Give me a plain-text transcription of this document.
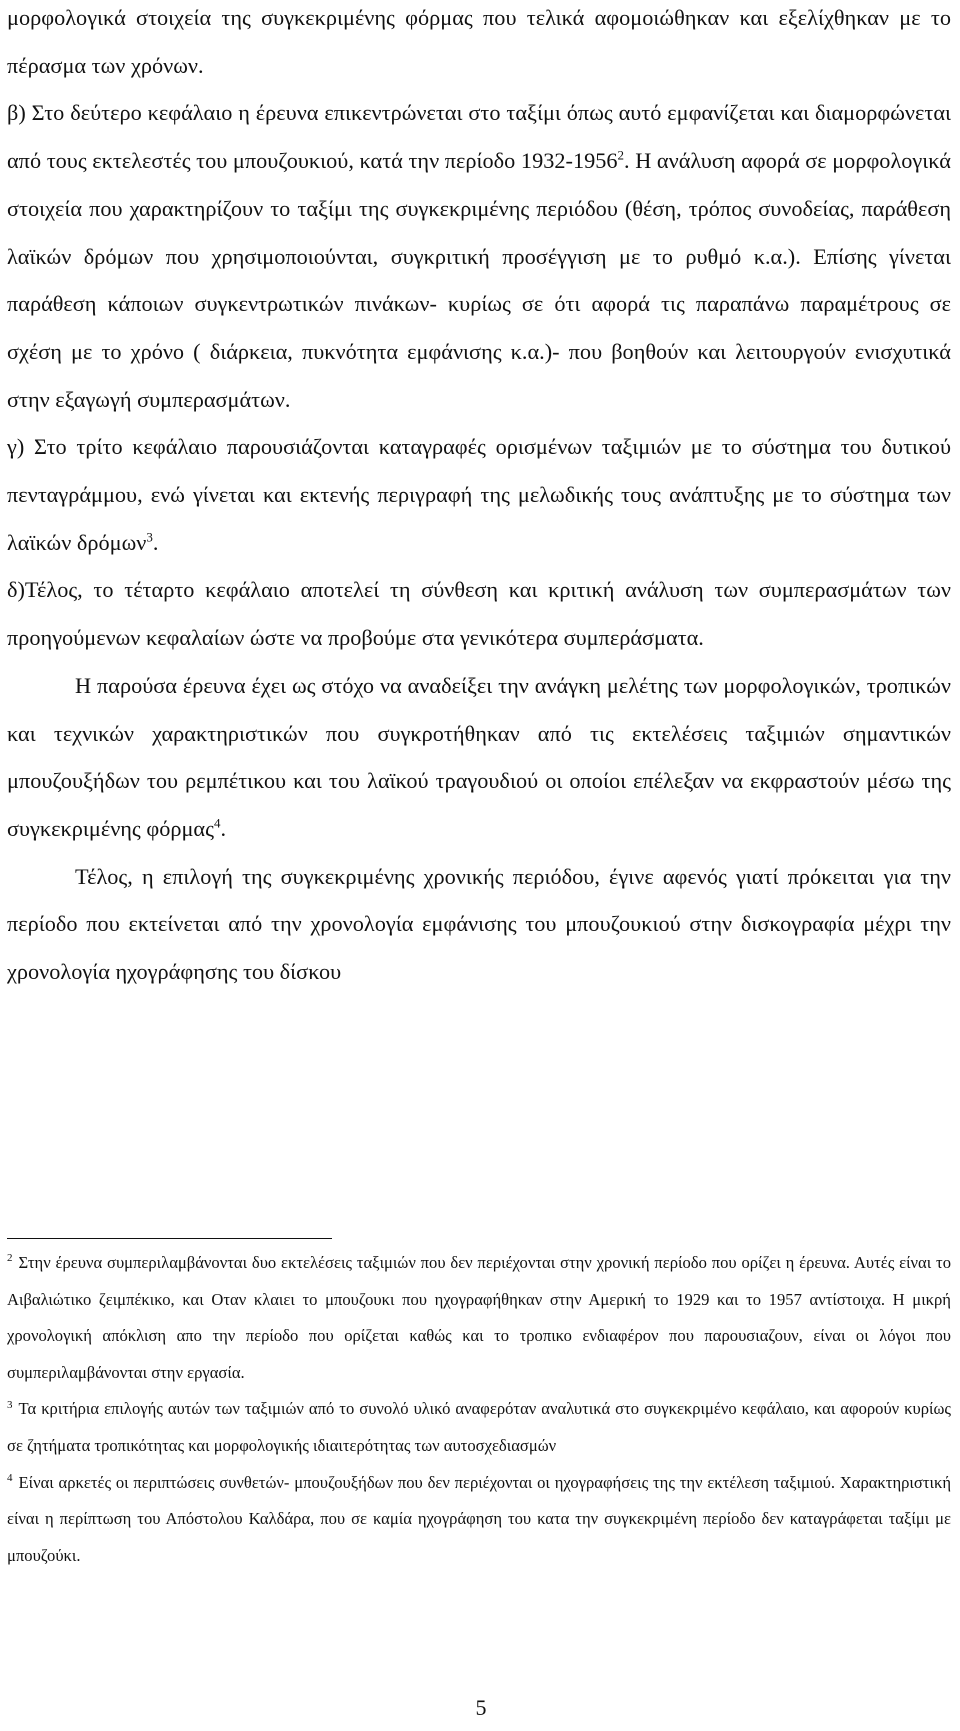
μορφολογικά στοιχεία της συγκεκριμένης φόρμας που τελικά αφομοιώθηκαν και εξελίχθηκαν με το πέρασμα των χρόνων.

β) Στο δεύτερο κεφάλαιο η έρευνα επικεντρώνεται στο ταξίμι όπως αυτό εμφανίζεται και διαμορφώνεται από τους εκτελεστές του μπουζουκιού, κατά την περίοδο 1932-1956$^2$. Η ανάλυση αφορά σε μορφολογικά στοιχεία που χαρακτηρίζουν το ταξίμι της συγκεκριμένης περιόδου (θέση, τρόπος συνοδείας, παράθεση λαϊκών δρόμων που χρησιμοποιούνται, συγκριτική προσέγγιση με το ρυθμό κ.α.). Επίσης γίνεται παράθεση κάποιων συγκεντρωτικών πινάκων- κυρίως σε ότι αφορά τις παραπάνω παραμέτρους σε σχέση με το χρόνο ( διάρκεια, πυκνότητα εμφάνισης κ.α.)- που βοηθούν και λειτουργούν ενισχυτικά στην εξαγωγή συμπερασμάτων.

γ) Στο τρίτο κεφάλαιο παρουσιάζονται καταγραφές ορισμένων ταξιμιών με το σύστημα του δυτικού πενταγράμμου, ενώ γίνεται και εκτενής περιγραφή της μελωδικής τους ανάπτυξης με το σύστημα των λαϊκών δρόμων$^3$.

δ)Τέλος, το τέταρτο κεφάλαιο αποτελεί τη σύνθεση και κριτική ανάλυση των συμπερασμάτων των προηγούμενων κεφαλαίων ώστε να προβούμε στα γενικότερα συμπεράσματα.

Η παρούσα έρευνα έχει ως στόχο να αναδείξει την ανάγκη μελέτης των μορφολογικών, τροπικών και τεχνικών χαρακτηριστικών που συγκροτήθηκαν από τις εκτελέσεις ταξιμιών σημαντικών μπουζουξήδων του ρεμπέτικου και του λαϊκού τραγουδιού οι οποίοι επέλεξαν να εκφραστούν μέσω της συγκεκριμένης φόρμας$^4$.

Τέλος, η επιλογή της συγκεκριμένης χρονικής περιόδου, έγινε αφενός γιατί πρόκειται για την περίοδο που εκτείνεται από την χρονολογία εμφάνισης του μπουζουκιού στην δισκογραφία μέχρι την χρονολογία ηχογράφησης του δίσκου

$^2$ Στην έρευνα συμπεριλαμβάνονται δυο εκτελέσεις ταξιμιών που δεν περιέχονται στην χρονική περίοδο που ορίζει η έρευνα. Αυτές είναι το Αιβαλιώτικο ζειμπέκικο, και Οταν κλαιει το μπουζουκι που ηχογραφήθηκαν στην Αμερική το 1929 και το 1957 αντίστοιχα. Η μικρή χρονολογική απόκλιση απο την περίοδο που ορίζεται καθώς και το τροπικο ενδιαφέρον που παρουσιαζουν, είναι οι λόγοι που συμπεριλαμβάνονται στην εργασία.

$^3$ Τα κριτήρια επιλογής αυτών των ταξιμιών από το συνολό υλικό αναφερόταν αναλυτικά στο συγκεκριμένο κεφάλαιο, και αφορούν κυρίως σε ζητήματα τροπικότητας και μορφολογικής ιδιαιτερότητας των αυτοσχεδιασμών

$^4$ Είναι αρκετές οι περιπτώσεις συνθετών- μπουζουξήδων που δεν περιέχονται οι ηχογραφήσεις της την εκτέλεση ταξιμιού. Χαρακτηριστική είναι η περίπτωση του Απόστολου Καλδάρα, που σε καμία ηχογράφηση του κατα την συγκεκριμένη περίοδο δεν καταγράφεται ταξίμι με μπουζούκι.

5
